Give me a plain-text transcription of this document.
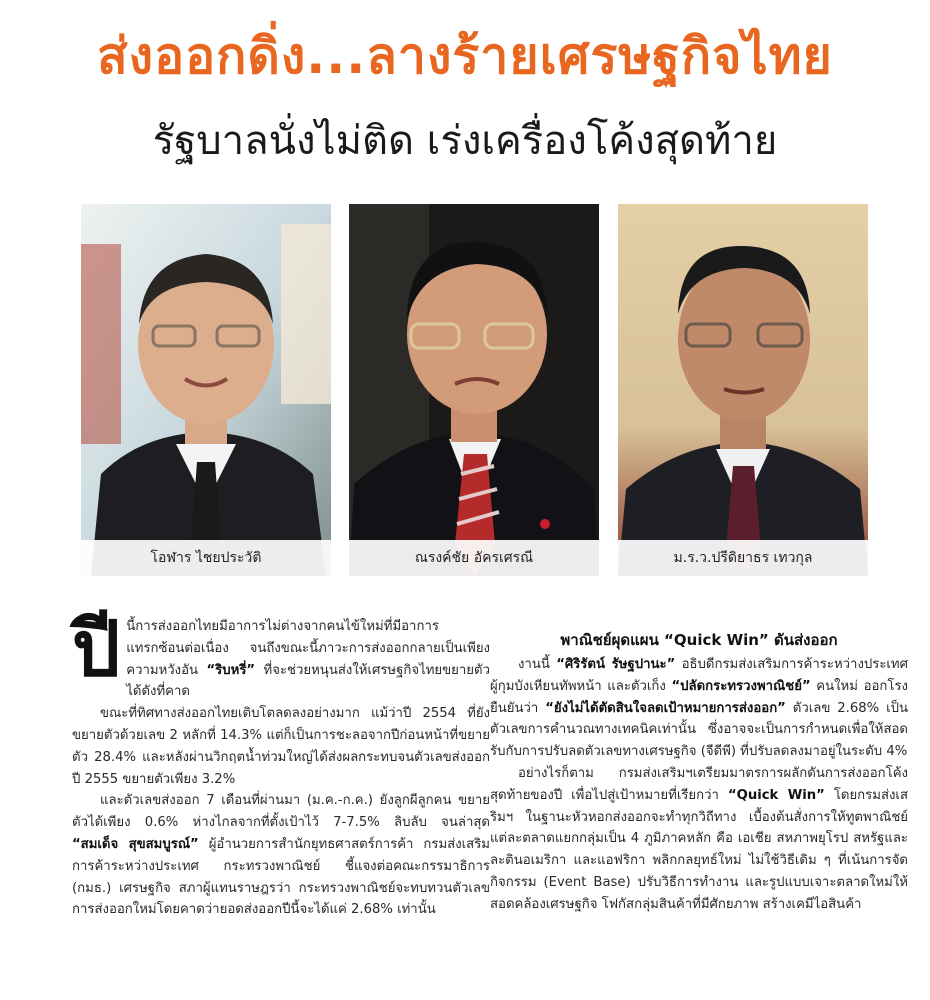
ส่งออกดิ่ง...ลางร้ายเศรษฐกิจไทย
รัฐบาลนั่งไม่ติด เร่งเครื่องโค้งสุดท้าย
โอฬาร ไชยประวัติ	ณรงค์ชัย อัครเศรณี	ม.ร.ว.ปรีดิยาธร เทวกุล

ปีนี้การส่งออกไทยมีอาการไม่ต่างจากคนไข้ใหม่ที่มีอาการแทรกซ้อนต่อเนื่อง จนถึงขณะนี้ภาวะการส่งออกกลายเป็นเพียงความหวังอัน “ริบหรี่” ที่จะช่วยหนุนส่งให้เศรษฐกิจไทยขยายตัวได้ดังที่คาด

ขณะที่ทิศทางส่งออกไทยเติบโตลดลงอย่างมาก แม้ว่าปี 2554 ที่ยังขยายตัวด้วยเลข 2 หลักที่ 14.3% แต่ก็เป็นการชะลอจากปีก่อนหน้าที่ขยายตัว 28.4% และหลังผ่านวิกฤตน้ำท่วมใหญ่ได้ส่งผลกระทบจนตัวเลขส่งออกปี 2555 ขยายตัวเพียง 3.2%

และตัวเลขส่งออก 7 เดือนที่ผ่านมา (ม.ค.-ก.ค.) ยังลูกผีลูกคน ขยายตัวได้เพียง 0.6% ห่างไกลจากที่ตั้งเป้าไว้ 7-7.5% ลิบลับ จนล่าสุด “สมเด็จ สุขสมบูรณ์” ผู้อำนวยการสำนักยุทธศาสตร์การค้า กรมส่งเสริมการค้าระหว่างประเทศ กระทรวงพาณิชย์ ชี้แจงต่อคณะกรรมาธิการ (กมธ.) เศรษฐกิจ สภาผู้แทนราษฎรว่า กระทรวงพาณิชย์จะทบทวนตัวเลขการส่งออกใหม่โดยคาดว่ายอดส่งออกปีนี้จะได้แค่ 2.68% เท่านั้น

พาณิชย์ผุดแผน “Quick Win” ดันส่งออก

งานนี้ “ศิริรัตน์ รัษฐปานะ” อธิบดีกรมส่งเสริมการค้าระหว่างประเทศ ผู้กุมบังเหียนทัพหน้า และตัวเก็ง “ปลัดกระทรวงพาณิชย์” คนใหม่ ออกโรงยืนยันว่า “ยังไม่ได้ตัดสินใจลดเป้าหมายการส่งออก” ตัวเลข 2.68% เป็นตัวเลขการคำนวณทางเทคนิคเท่านั้น ซึ่งอาจจะเป็นการกำหนดเพื่อให้สอดรับกับการปรับลดตัวเลขทางเศรษฐกิจ (จีดีพี) ที่ปรับลดลงมาอยู่ในระดับ 4%

อย่างไรก็ตาม กรมส่งเสริมฯเตรียมมาตรการผลักดันการส่งออกโค้งสุดท้ายของปี เพื่อไปสู่เป้าหมายที่เรียกว่า “Quick Win” โดยกรมส่งเสริมฯ ในฐานะหัวหอกส่งออกจะทำทุกวิถีทาง เบื้องต้นสั่งการให้ทูตพาณิชย์แต่ละตลาดแยกกลุ่มเป็น 4 ภูมิภาคหลัก คือ เอเชีย สหภาพยุโรป สหรัฐและละตินอเมริกา และแอฟริกา พลิกกลยุทธ์ใหม่ ไม่ใช้วิธีเดิม ๆ ที่เน้นการจัดกิจกรรม (Event Base) ปรับวิธีการทำงาน และรูปแบบเจาะตลาดใหม่ให้สอดคล้องเศรษฐกิจ โฟกัสกลุ่มสินค้าที่มีศักยภาพ สร้างเคมีไอสินค้า
